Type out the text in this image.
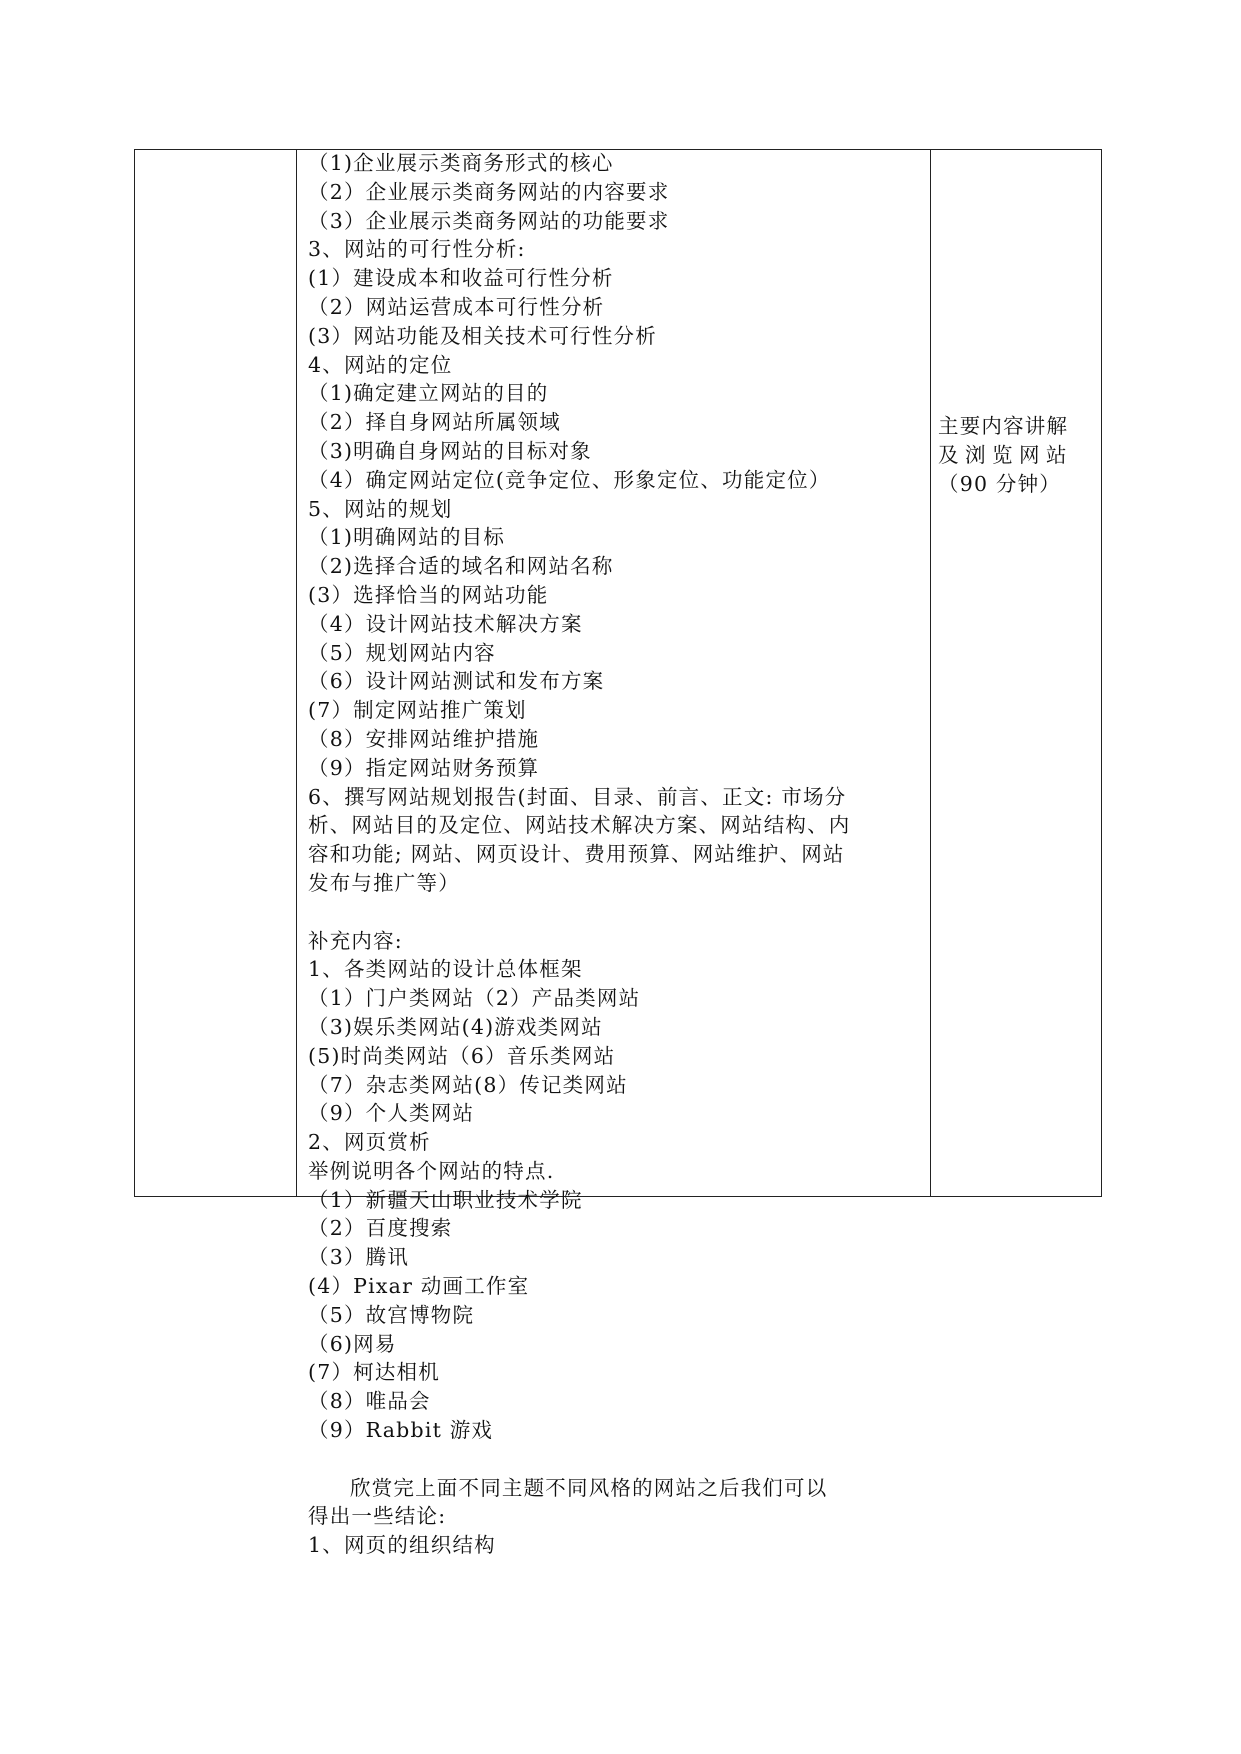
（1)企业展示类商务形式的核心
（2）企业展示类商务网站的内容要求
（3）企业展示类商务网站的功能要求
3、网站的可行性分析:
(1）建设成本和收益可行性分析
（2）网站运营成本可行性分析
(3）网站功能及相关技术可行性分析
4、网站的定位
（1)确定建立网站的目的
（2）择自身网站所属领域
（3)明确自身网站的目标对象
（4）确定网站定位(竞争定位、形象定位、功能定位）
5、网站的规划
（1)明确网站的目标
（2)选择合适的域名和网站名称
(3）选择恰当的网站功能
（4）设计网站技术解决方案
（5）规划网站内容
（6）设计网站测试和发布方案
(7）制定网站推广策划
（8）安排网站维护措施
（9）指定网站财务预算
6、撰写网站规划报告(封面、目录、前言、正文: 市场分
析、网站目的及定位、网站技术解决方案、网站结构、内
容和功能; 网站、网页设计、费用预算、网站维护、网站
发布与推广等）
补充内容:
1、各类网站的设计总体框架
（1）门户类网站（2）产品类网站
（3)娱乐类网站(4)游戏类网站
(5)时尚类网站（6）音乐类网站
（7）杂志类网站(8）传记类网站
（9）个人类网站
2、网页赏析
举例说明各个网站的特点.
（1）新疆天山职业技术学院
（2）百度搜索
（3）腾讯
(4）Pixar 动画工作室
（5）故宫博物院
（6)网易
(7）柯达相机
（8）唯品会
（9）Rabbit 游戏
欣赏完上面不同主题不同风格的网站之后我们可以
得出一些结论:
1、网页的组织结构
主要内容讲解
及浏览网站
（90 分钟）
